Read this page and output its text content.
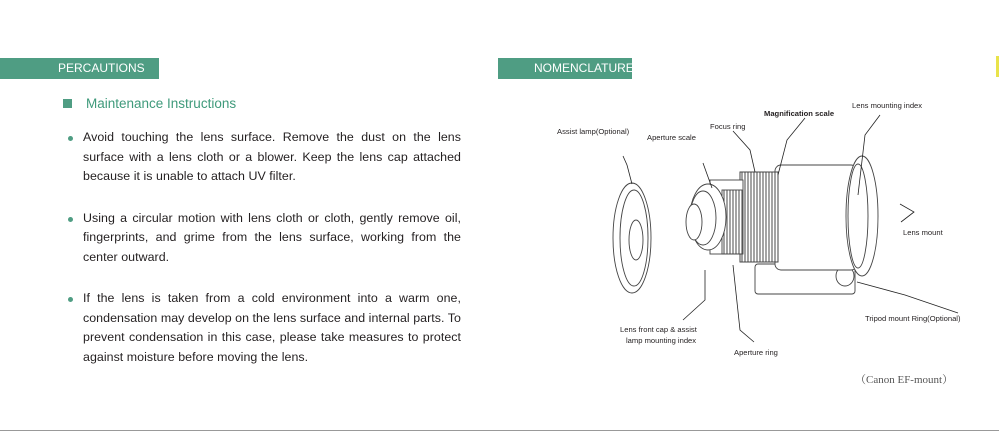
PERCAUTIONS	NOMENCLATURE
Maintenance Instructions
Avoid touching the lens surface. Remove the dust on the lens surface with a lens cloth or a blower. Keep the lens cap attached because it is unable to attach UV filter.
Using a circular motion with lens cloth or cloth, gently remove oil, fingerprints, and grime from the lens surface, working from the center outward.
If the lens is taken from a cold environment into a warm one, condensation may develop on the lens surface and internal parts. To prevent condensation in this case, please take measures to protect against moisture before moving the lens.
Assist lamp(Optional)
Aperture scale
Focus ring
Magnification scale
Lens mounting index
Lens mount
Tripod mount Ring(Optional)
Lens front cap & assist
lamp mounting index
Aperture ring
（Canon EF-mount）
